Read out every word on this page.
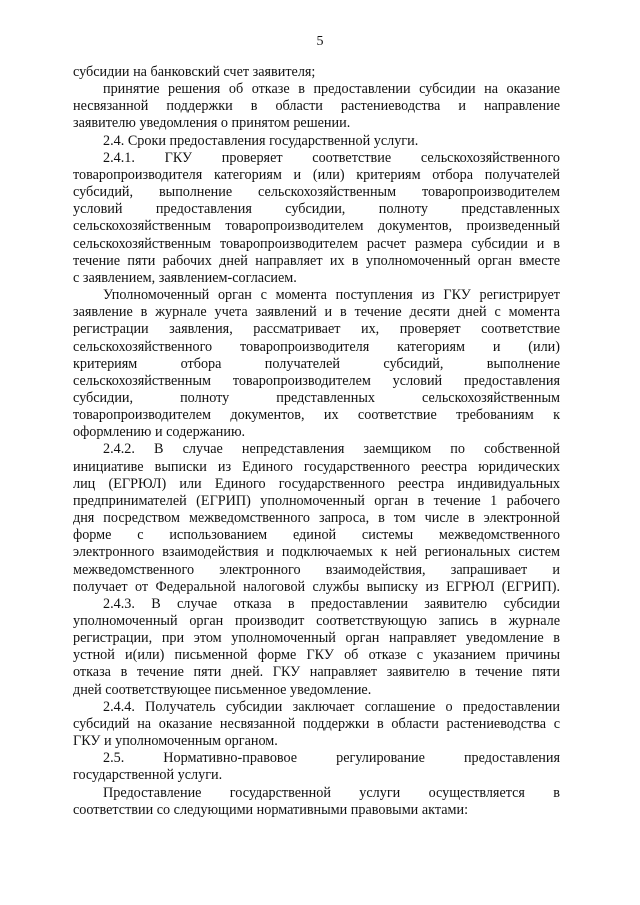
5
субсидии на банковский счет заявителя;
принятие решения об отказе в предоставлении субсидии на оказание
несвязанной поддержки в области растениеводства и направление
заявителю уведомления о принятом решении.
2.4. Сроки предоставления государственной услуги.
2.4.1. ГКУ проверяет соответствие сельскохозяйственного
товаропроизводителя категориям и (или) критериям отбора получателей
субсидий, выполнение сельскохозяйственным товаропроизводителем
условий предоставления субсидии, полноту представленных
сельскохозяйственным товаропроизводителем документов, произведенный
сельскохозяйственным товаропроизводителем расчет размера субсидии и в
течение пяти рабочих дней направляет их в уполномоченный орган вместе
с заявлением, заявлением-согласием.
Уполномоченный орган с момента поступления из ГКУ регистрирует
заявление в журнале учета заявлений и в течение десяти дней с момента
регистрации заявления, рассматривает их, проверяет соответствие
сельскохозяйственного товаропроизводителя категориям и (или)
критериям отбора получателей субсидий, выполнение
сельскохозяйственным товаропроизводителем условий предоставления
субсидии, полноту представленных сельскохозяйственным
товаропроизводителем документов, их соответствие требованиям к
оформлению и содержанию.
2.4.2. В случае непредставления заемщиком по собственной
инициативе выписки из Единого государственного реестра юридических
лиц (ЕГРЮЛ) или Единого государственного реестра индивидуальных
предпринимателей (ЕГРИП) уполномоченный орган в течение 1 рабочего
дня посредством межведомственного запроса, в том числе в электронной
форме с использованием единой системы межведомственного
электронного взаимодействия и подключаемых к ней региональных систем
межведомственного электронного взаимодействия, запрашивает и
получает от Федеральной налоговой службы выписку из ЕГРЮЛ (ЕГРИП).
2.4.3. В случае отказа в предоставлении заявителю субсидии
уполномоченный орган производит соответствующую запись в журнале
регистрации, при этом уполномоченный орган направляет уведомление в
устной и(или) письменной форме ГКУ об отказе с указанием причины
отказа в течение пяти дней. ГКУ направляет заявителю в течение пяти
дней соответствующее письменное уведомление.
2.4.4. Получатель субсидии заключает соглашение о предоставлении
субсидий на оказание несвязанной поддержки в области растениеводства с
ГКУ и уполномоченным органом.
2.5. Нормативно-правовое регулирование предоставления
государственной услуги.
Предоставление государственной услуги осуществляется в
соответствии со следующими нормативными правовыми актами:
